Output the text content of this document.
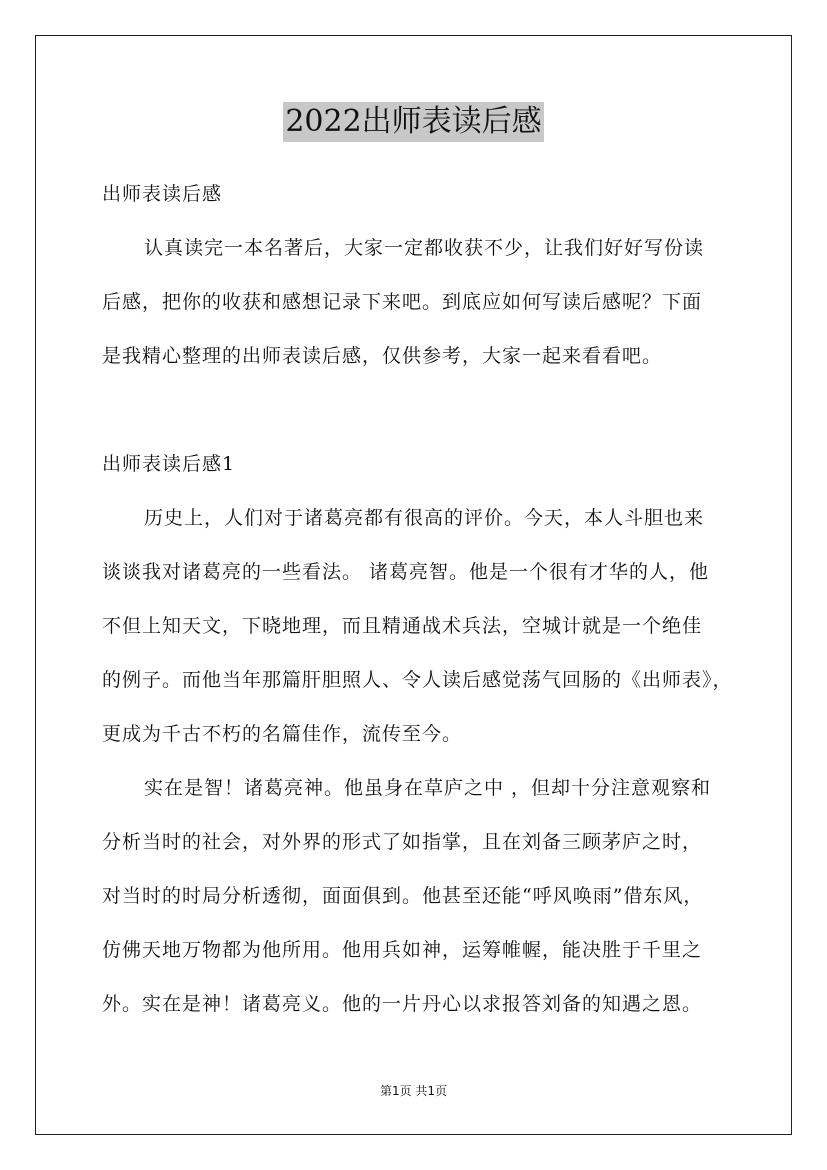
2022出师表读后感
出师表读后感
认真读完一本名著后，大家一定都收获不少，让我们好好写份读
后感，把你的收获和感想记录下来吧。到底应如何写读后感呢？下面
是我精心整理的出师表读后感，仅供参考，大家一起来看看吧。
出师表读后感1
历史上，人们对于诸葛亮都有很高的评价。今天，本人斗胆也来
谈谈我对诸葛亮的一些看法。 诸葛亮智。他是一个很有才华的人，他
不但上知天文，下晓地理，而且精通战术兵法，空城计就是一个绝佳
的例子。而他当年那篇肝胆照人、令人读后感觉荡气回肠的《出师表》，
更成为千古不朽的名篇佳作，流传至今。
实在是智！诸葛亮神。他虽身在草庐之中 ，但却十分注意观察和
分析当时的社会，对外界的形式了如指掌，且在刘备三顾茅庐之时，
对当时的时局分析透彻，面面俱到。他甚至还能“呼风唤雨”借东风，
仿佛天地万物都为他所用。他用兵如神，运筹帷幄，能决胜于千里之
外。实在是神！诸葛亮义。他的一片丹心以求报答刘备的知遇之恩。
第1页 共1页
